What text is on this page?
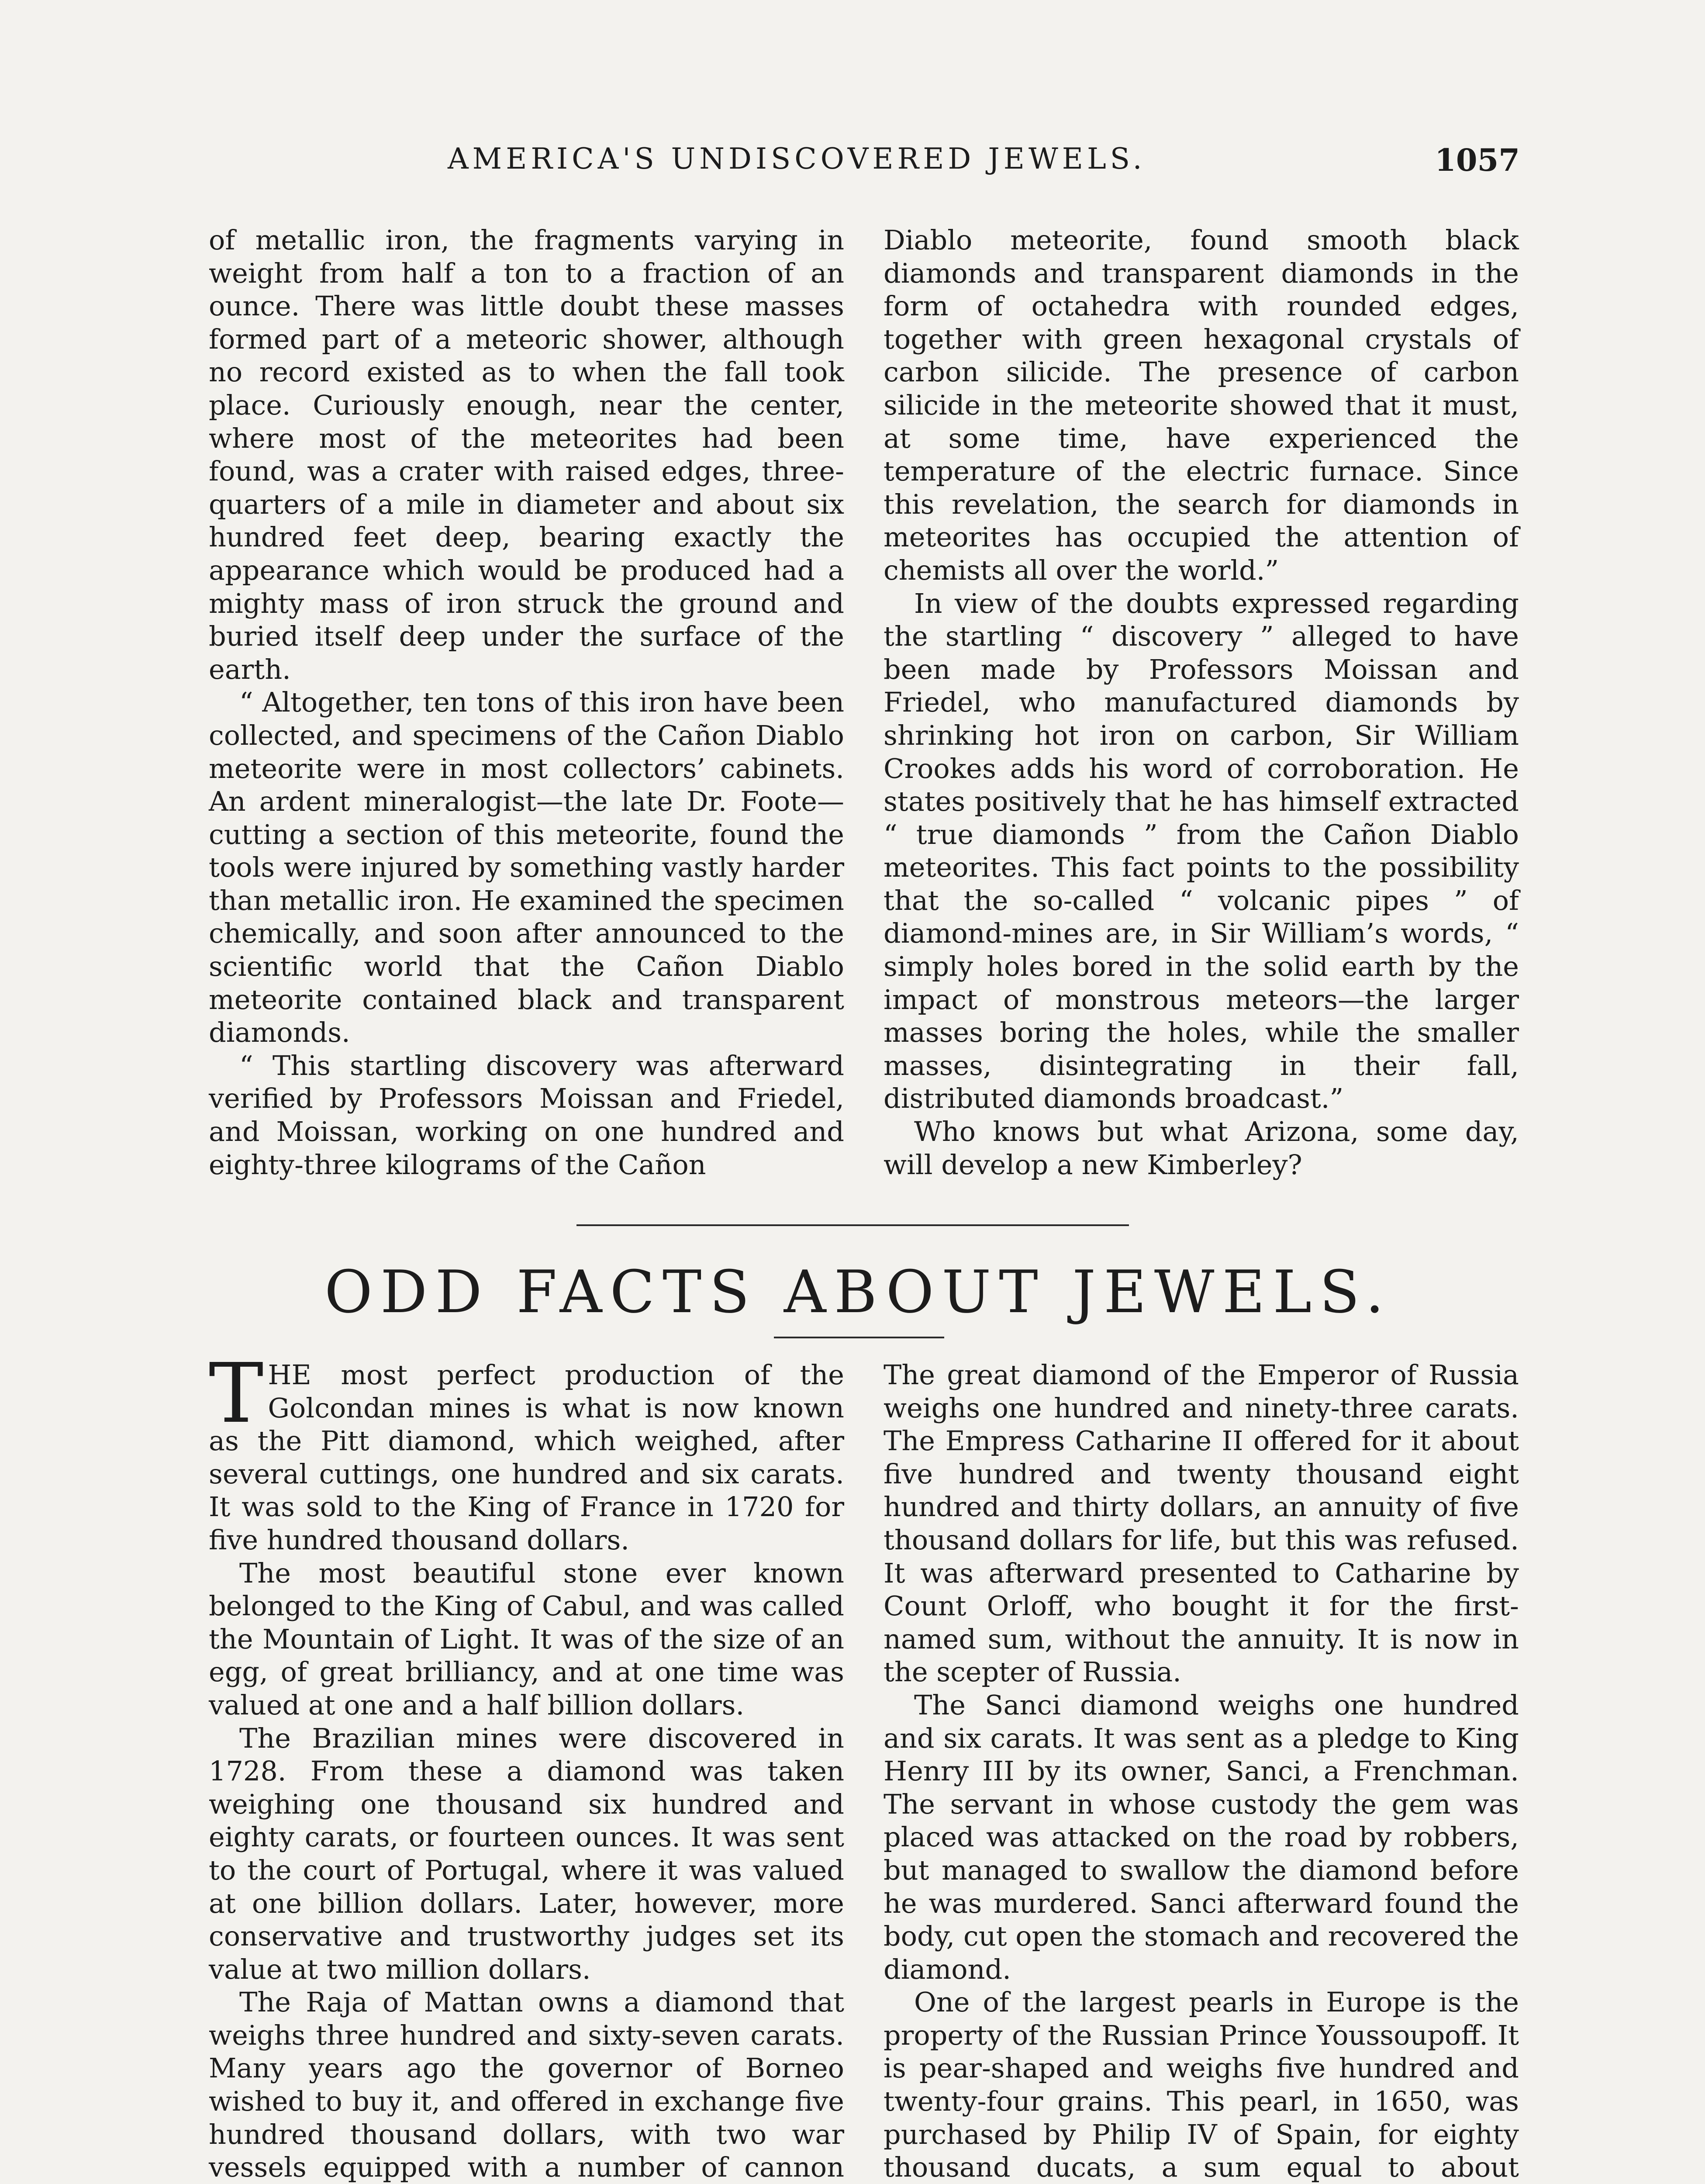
AMERICA'S UNDISCOVERED JEWELS.	1057

of metallic iron, the fragments varying in weight from half a ton to a fraction of an ounce. There was little doubt these masses formed part of a meteoric shower, although no record existed as to when the fall took place. Curiously enough, near the center, where most of the meteorites had been found, was a crater with raised edges, three-quarters of a mile in diameter and about six hundred feet deep, bearing exactly the appearance which would be produced had a mighty mass of iron struck the ground and buried itself deep under the surface of the earth.

“ Altogether, ten tons of this iron have been collected, and specimens of the Cañon Diablo meteorite were in most collectors’ cabinets. An ardent mineralogist—the late Dr. Foote—cutting a section of this meteorite, found the tools were injured by something vastly harder than metallic iron. He examined the specimen chemically, and soon after announced to the scientific world that the Cañon Diablo meteorite contained black and transparent diamonds.

“ This startling discovery was afterward verified by Professors Moissan and Friedel, and Moissan, working on one hundred and eighty-three kilograms of the Cañon

Diablo meteorite, found smooth black diamonds and transparent diamonds in the form of octahedra with rounded edges, together with green hexagonal crystals of carbon silicide. The presence of carbon silicide in the meteorite showed that it must, at some time, have experienced the temperature of the electric furnace. Since this revelation, the search for diamonds in meteorites has occupied the attention of chemists all over the world.”

In view of the doubts expressed regarding the startling “ discovery ” alleged to have been made by Professors Moissan and Friedel, who manufactured diamonds by shrinking hot iron on carbon, Sir William Crookes adds his word of corroboration. He states positively that he has himself extracted “ true diamonds ” from the Cañon Diablo meteorites. This fact points to the possibility that the so-called “ volcanic pipes ” of diamond-mines are, in Sir William’s words, “ simply holes bored in the solid earth by the impact of monstrous meteors—the larger masses boring the holes, while the smaller masses, disintegrating in their fall, distributed diamonds broadcast.”

Who knows but what Arizona, some day, will develop a new Kimberley?

ODD FACTS ABOUT JEWELS.

THE most perfect production of the Golcondan mines is what is now known as the Pitt diamond, which weighed, after several cuttings, one hundred and six carats. It was sold to the King of France in 1720 for five hundred thousand dollars.

The most beautiful stone ever known belonged to the King of Cabul, and was called the Mountain of Light. It was of the size of an egg, of great brilliancy, and at one time was valued at one and a half billion dollars.

The Brazilian mines were discovered in 1728. From these a diamond was taken weighing one thousand six hundred and eighty carats, or fourteen ounces. It was sent to the court of Portugal, where it was valued at one billion dollars. Later, however, more conservative and trustworthy judges set its value at two million dollars.

The Raja of Mattan owns a diamond that weighs three hundred and sixty-seven carats. Many years ago the governor of Borneo wished to buy it, and offered in exchange five hundred thousand dollars, with two war vessels equipped with a number of cannon

The great diamond of the Emperor of Russia weighs one hundred and ninety-three carats. The Empress Catharine II offered for it about five hundred and twenty thousand eight hundred and thirty dollars, an annuity of five thousand dollars for life, but this was refused. It was afterward presented to Catharine by Count Orloff, who bought it for the first-named sum, without the annuity. It is now in the scepter of Russia.

The Sanci diamond weighs one hundred and six carats. It was sent as a pledge to King Henry III by its owner, Sanci, a Frenchman. The servant in whose custody the gem was placed was attacked on the road by robbers, but managed to swallow the diamond before he was murdered. Sanci afterward found the body, cut open the stomach and recovered the diamond.

One of the largest pearls in Europe is the property of the Russian Prince Youssoupoff. It is pear-shaped and weighs five hundred and twenty-four grains. This pearl, in 1650, was purchased by Philip IV of Spain, for eighty thousand ducats, a sum equal to about
